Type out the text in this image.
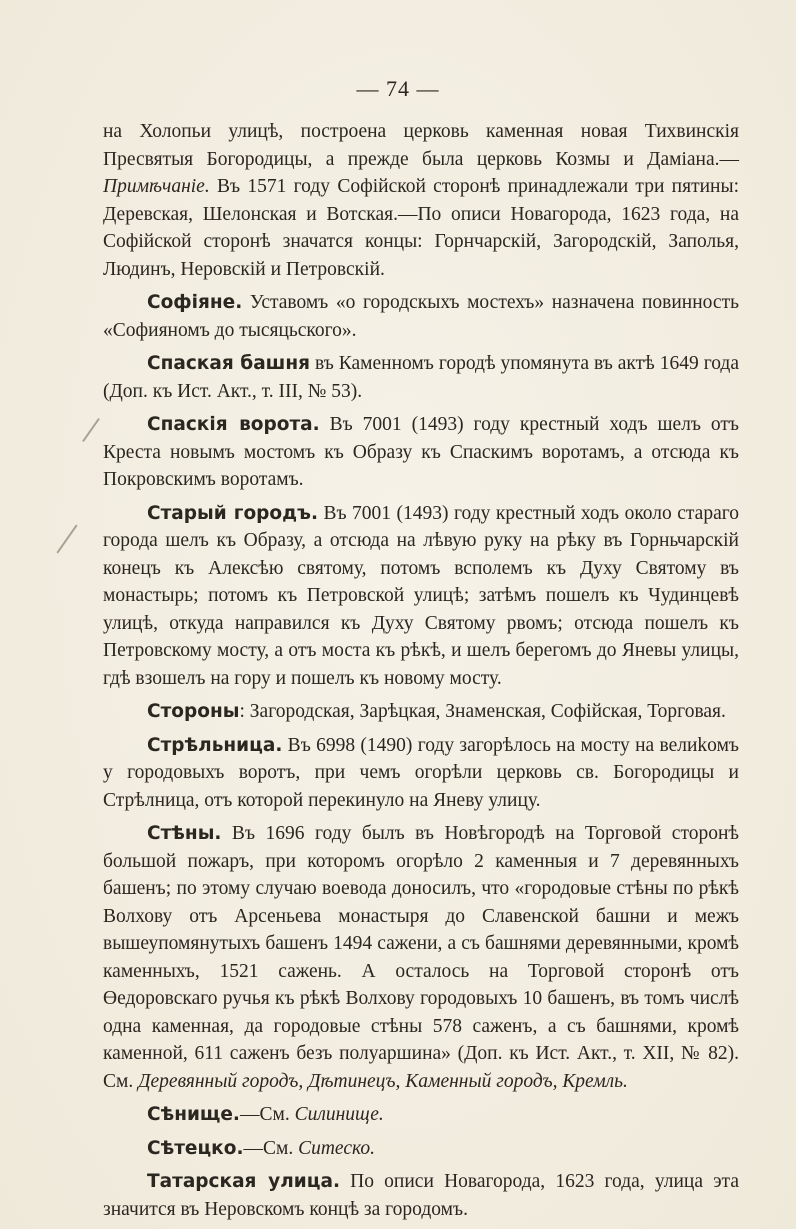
— 74 —

на Холопьи улицѣ, построена церковь каменная новая Тихвинскія Пресвятыя Богородицы, а прежде была церковь Козмы и Даміана.—Примѣчаніе. Въ 1571 году Софійской сторонѣ принадлежали три пятины: Деревская, Шелонская и Вотская.—По описи Новагорода, 1623 года, на Софійской сторонѣ значатся концы: Горнчарскій, Загородскій, Заполья, Людинъ, Неровскій и Петровскій.

Софіяне. Уставомъ «о городскыхъ мостехъ» назначена повинность «Софияномъ до тысяцьского».

Спаская башня въ Каменномъ городѣ упомянута въ актѣ 1649 года (Доп. къ Ист. Акт., т. III, № 53).

Спаскія ворота. Въ 7001 (1493) году крестный ходъ шелъ отъ Креста новымъ мостомъ къ Образу къ Спаскимъ воротамъ, а отсюда къ Покровскимъ воротамъ.

Старый городъ. Въ 7001 (1493) году крестный ходъ около стараго города шелъ къ Образу, а отсюда на лѣвую руку на рѣку въ Горньчарскій конецъ къ Алексѣю святому, потомъ всполемъ къ Духу Святому въ монастырь; потомъ къ Петровской улицѣ; затѣмъ пошелъ къ Чудинцевѣ улицѣ, откуда направился къ Духу Святому рвомъ; отсюда пошелъ къ Петровскому мосту, а отъ моста къ рѣкѣ, и шелъ берегомъ до Яневы улицы, гдѣ взошелъ на гору и пошелъ къ новому мосту.

Стороны: Загородская, Зарѣцкая, Знаменская, Софійская, Торговая.

Стрѣльница. Въ 6998 (1490) году загорѣлось на мосту на велиkомъ у городовыхъ воротъ, при чемъ огорѣли церковь св. Богородицы и Стрѣлница, отъ которой перекинуло на Яневу улицу.

Стѣны. Въ 1696 году былъ въ Новѣгородѣ на Торговой сторонѣ большой пожаръ, при которомъ огорѣло 2 каменныя и 7 деревянныхъ башенъ; по этому случаю воевода доносилъ, что «городовые стѣны по рѣкѣ Волхову отъ Арсеньева монастыря до Славенской башни и межъ вышеупомянутыхъ башенъ 1494 сажени, а съ башнями деревянными, кромѣ каменныхъ, 1521 сажень. А осталось на Торговой сторонѣ отъ Өедоровскаго ручья къ рѣкѣ Волхову городовыхъ 10 башенъ, въ томъ числѣ одна каменная, да городовые стѣны 578 саженъ, а съ башнями, кромѣ каменной, 611 саженъ безъ полуаршина» (Доп. къ Ист. Акт., т. XII, № 82). См. Деревянный городъ, Дѣтинецъ, Каменный городъ, Кремль.

Сѣнище.—См. Силинище.

Сѣтецко.—См. Ситеско.

Татарская улица. По описи Новагорода, 1623 года, улица эта значится въ Неровскомъ концѣ за городомъ.
